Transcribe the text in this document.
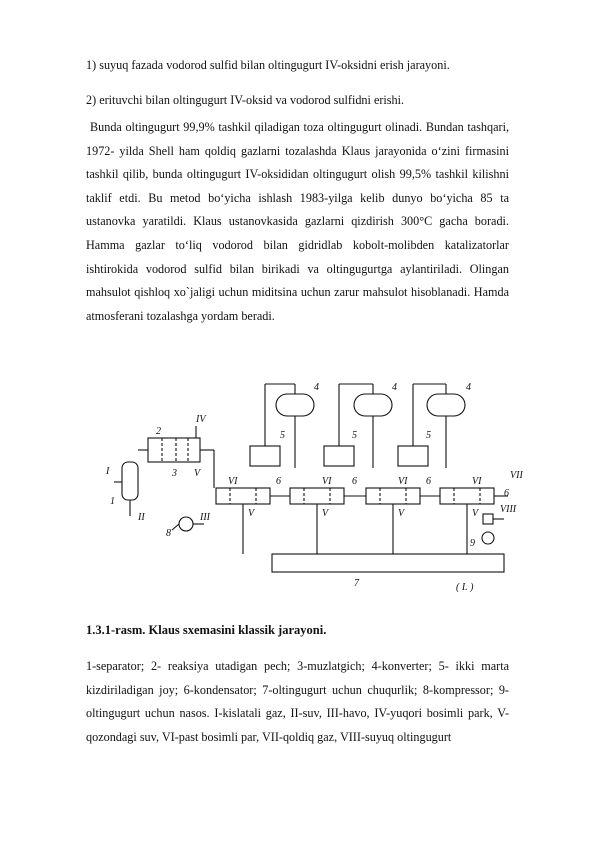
1) suyuq fazada vodorod sulfid bilan oltingugurt IV-oksidni erish jarayoni.
2) erituvchi bilan oltingugurt IV-oksid va vodorod sulfidni erishi.
Bunda oltingugurt 99,9% tashkil qiladigan toza oltingugurt olinadi. Bundan tashqari, 1972- yilda Shell ham qoldiq gazlarni tozalashda Klaus jarayonida o‘zini firmasini tashkil qilib, bunda oltingugurt IV-oksididan oltingugurt olish 99,5% tashkil kilishni taklif etdi. Bu metod bo‘yicha ishlash 1983-yilga kelib dunyo bo‘yicha 85 ta ustanovka yaratildi. Klaus ustanovkasida gazlarni qizdirish 300°C gacha boradi. Hamma gazlar to‘liq vodorod bilan gidridlab kobolt-molibden katalizatorlar ishtirokida vodorod sulfid bilan birikadi va oltingugurtga aylantiriladi. Olingan mahsulot qishloq xo`jaligi uchun miditsina uchun zarur mahsulot hisoblanadi. Hamda atmosferani tozalashga yordam beradi.
I
1
II
2
IV
3 V
III
8
4	4	4
5	5	5
VI	VI	VI	VI
6	6	6
6
VII
V	V	V	V VIII
9
7	( I. )
1.3.1-rasm. Klaus sxemasini klassik jarayoni.
1-separator; 2- reaksiya utadigan pech; 3-muzlatgich; 4-konverter; 5- ikki marta kizdiriladigan joy; 6-kondensator; 7-oltingugurt uchun chuqurlik; 8-kompressor; 9-oltingugurt uchun nasos. I-kislatali gaz, II-suv, III-havo, IV-yuqori bosimli park, V-qozondagi suv, VI-past bosimli par, VII-qoldiq gaz, VIII-suyuq oltingugurt
